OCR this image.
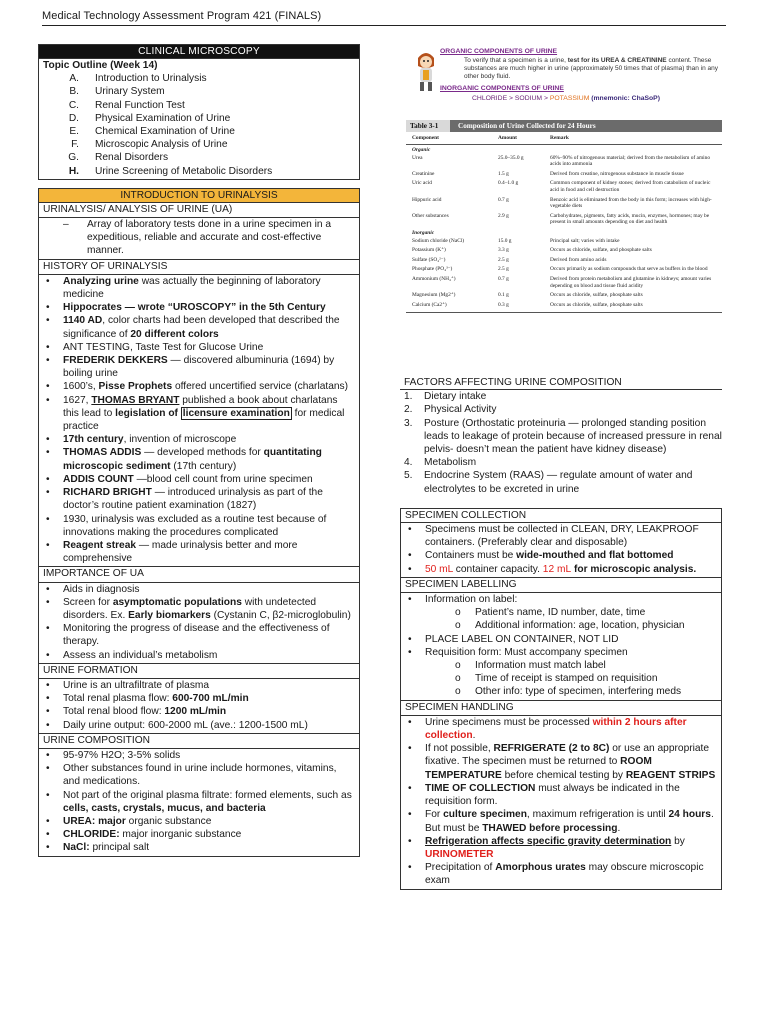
Medical Technology Assessment Program 421 (FINALS)
CLINICAL MICROSCOPY
Topic Outline (Week 14)
A.	Introduction to Urinalysis
B.	Urinary System
C.	Renal Function Test
D.	Physical Examination of Urine
E.	Chemical Examination of Urine
F.	Microscopic Analysis of Urine
G.	Renal Disorders
H.	Urine Screening of Metabolic Disorders
INTRODUCTION TO URINALYSIS
URINALYSIS/ ANALYSIS OF URINE (UA)
– Array of laboratory tests done in a urine specimen in a expeditious, reliable and accurate and cost-effective manner.
HISTORY OF URINALYSIS
• Analyzing urine was actually the beginning of laboratory medicine
• Hippocrates — wrote “UROSCOPY” in the 5th Century
• 1140 AD, color charts had been developed that described the significance of 20 different colors
• ANT TESTING, Taste Test for Glucose Urine
• FREDERIK DEKKERS — discovered albuminuria (1694) by boiling urine
• 1600’s, Pisse Prophets offered uncertified service (charlatans)
• 1627, THOMAS BRYANT published a book about charlatans this lead to legislation of licensure examination for medical practice
• 17th century, invention of microscope
• THOMAS ADDIS — developed methods for quantitating microscopic sediment (17th century)
• ADDIS COUNT —blood cell count from urine specimen
• RICHARD BRIGHT — introduced urinalysis as part of the doctor’s routine patient examination (1827)
• 1930, urinalysis was excluded as a routine test because of innovations making the procedures complicated
• Reagent streak — made urinalysis better and more comprehensive
IMPORTANCE OF UA
• Aids in diagnosis
• Screen for asymptomatic populations with undetected disorders. Ex. Early biomarkers (Cystanin C, β2-microglobulin)
• Monitoring the progress of disease and the effectiveness of therapy.
• Assess an individual’s metabolism
URINE FORMATION
• Urine is an ultrafiltrate of plasma
• Total renal plasma flow: 600-700 mL/min
• Total renal blood flow: 1200 mL/min
• Daily urine output: 600-2000 mL (ave.: 1200-1500 mL)
URINE COMPOSITION
• 95-97% H2O; 3-5% solids
• Other substances found in urine include hormones, vitamins, and medications.
• Not part of the original plasma filtrate: formed elements, such as cells, casts, crystals, mucus, and bacteria
• UREA: major organic substance
• CHLORIDE: major inorganic substance
• NaCl: principal salt
ORGANIC COMPONENTS OF URINE
To verify that a specimen is a urine, test for its UREA & CREATININE content. These substances are much higher in urine (approximately 50 times that of plasma) than in any other body fluid.
INORGANIC COMPONENTS OF URINE
CHLORIDE > SODIUM > POTASSIUM (mnemonic: ChaSoP)
Table 3-1	Composition of Urine Collected for 24 Hours
Component	Amount	Remark
Organic
Urea	25.0–35.0 g	60%–90% of nitrogenous material; derived from the metabolism of amino acids into ammonia
Creatinine	1.5 g	Derived from creatine, nitrogenous substance in muscle tissue
Uric acid	0.4–1.0 g	Common component of kidney stones; derived from catabolism of nucleic acid in food and cell destruction
Hippuric acid	0.7 g	Benzoic acid is eliminated from the body in this form; increases with high-vegetable diets
Other substances	2.9 g	Carbohydrates, pigments, fatty acids, mucin, enzymes, hormones; may be present in small amounts depending on diet and health
Inorganic
Sodium chloride (NaCl)	15.0 g	Principal salt; varies with intake
Potassium (K⁺)	3.3 g	Occurs as chloride, sulfate, and phosphate salts
Sulfate (SO₄²⁻)	2.5 g	Derived from amino acids
Phosphate (PO₄³⁻)	2.5 g	Occurs primarily as sodium compounds that serve as buffers in the blood
Ammonium (NH₄⁺)	0.7 g	Derived from protein metabolism and glutamine in kidneys; amount varies depending on blood and tissue fluid acidity
Magnesium (Mg2⁺)	0.1 g	Occurs as chloride, sulfate, phosphate salts
Calcium (Ca2⁺)	0.3 g	Occurs as chloride, sulfate, phosphate salts
FACTORS AFFECTING URINE COMPOSITION
1. Dietary intake
2. Physical Activity
3. Posture (Orthostatic proteinuria — prolonged standing position leads to leakage of protein because of increased pressure in renal pelvis- doesn’t mean the patient have kidney disease)
4. Metabolism
5. Endocrine System (RAAS) — regulate amount of water and electrolytes to be excreted in urine
SPECIMEN COLLECTION
• Specimens must be collected in CLEAN, DRY, LEAKPROOF containers. (Preferably clear and disposable)
• Containers must be wide-mouthed and flat bottomed
• 50 mL container capacity. 12 mL for microscopic analysis.
SPECIMEN LABELLING
• Information on label:
o Patient’s name, ID number, date, time
o Additional information: age, location, physician
• PLACE LABEL ON CONTAINER, NOT LID
• Requisition form: Must accompany specimen
o Information must match label
o Time of receipt is stamped on requisition
o Other info: type of specimen, interfering meds
SPECIMEN HANDLING
• Urine specimens must be processed within 2 hours after collection.
• If not possible, REFRIGERATE (2 to 8C) or use an appropriate fixative. The specimen must be returned to ROOM TEMPERATURE before chemical testing by REAGENT STRIPS
• TIME OF COLLECTION must always be indicated in the requisition form.
• For culture specimen, maximum refrigeration is until 24 hours. But must be THAWED before processing.
• Refrigeration affects specific gravity determination by
URINOMETER
• Precipitation of Amorphous urates may obscure microscopic exam
